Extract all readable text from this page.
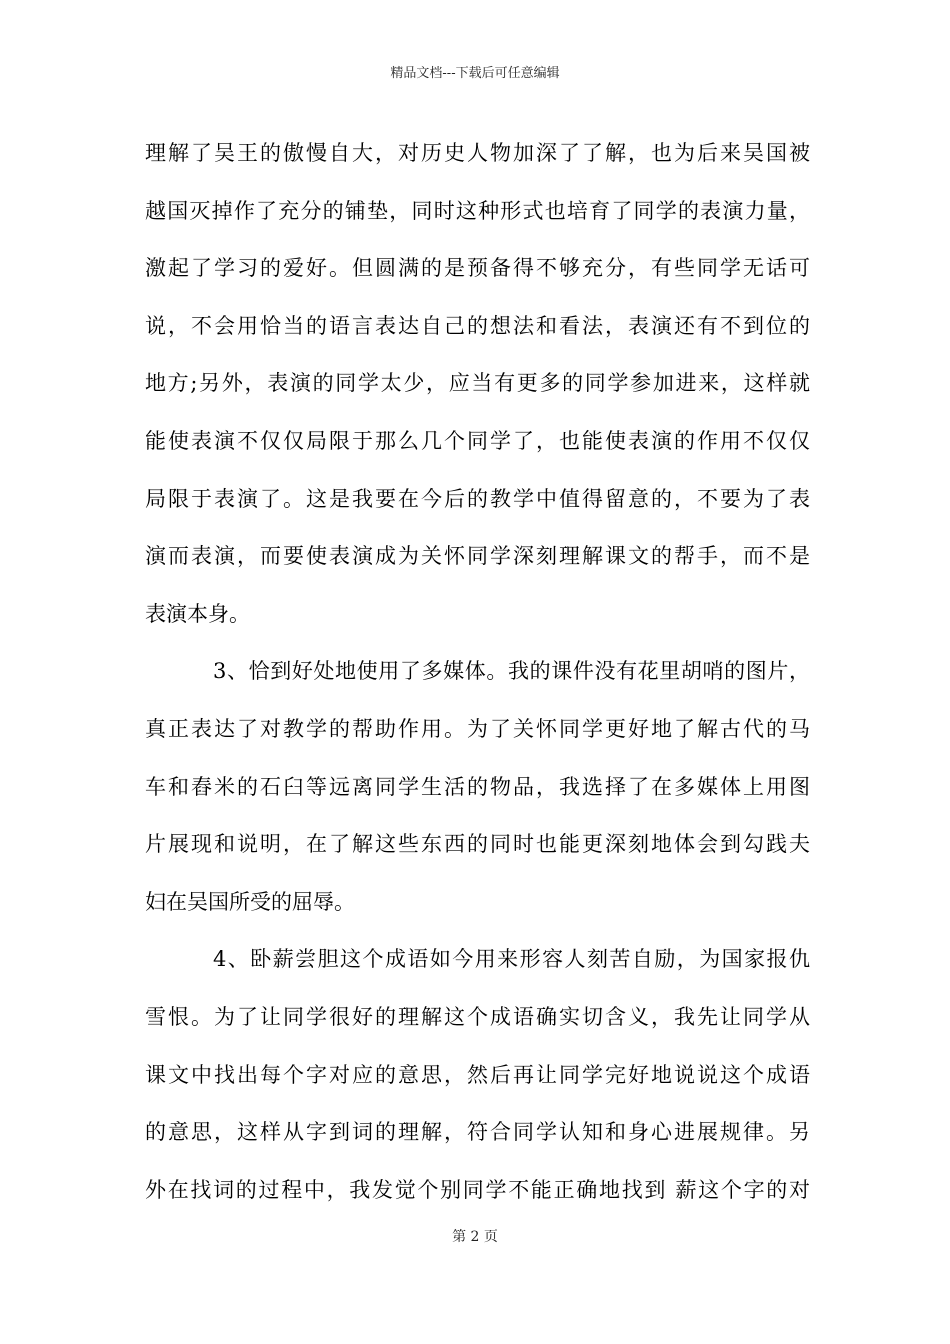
精品文档---下载后可任意编辑
理解了吴王的傲慢自大，对历史人物加深了了解，也为后来吴国被
越国灭掉作了充分的铺垫，同时这种形式也培育了同学的表演力量，
激起了学习的爱好。但圆满的是预备得不够充分，有些同学无话可
说，不会用恰当的语言表达自己的想法和看法，表演还有不到位的
地方;另外，表演的同学太少，应当有更多的同学参加进来，这样就
能使表演不仅仅局限于那么几个同学了，也能使表演的作用不仅仅
局限于表演了。这是我要在今后的教学中值得留意的，不要为了表
演而表演，而要使表演成为关怀同学深刻理解课文的帮手，而不是
表演本身。
3、恰到好处地使用了多媒体。我的课件没有花里胡哨的图片，
真正表达了对教学的帮助作用。为了关怀同学更好地了解古代的马
车和舂米的石臼等远离同学生活的物品，我选择了在多媒体上用图
片展现和说明，在了解这些东西的同时也能更深刻地体会到勾践夫
妇在吴国所受的屈辱。
4、卧薪尝胆这个成语如今用来形容人刻苦自励，为国家报仇
雪恨。为了让同学很好的理解这个成语确实切含义，我先让同学从
课文中找出每个字对应的意思，然后再让同学完好地说说这个成语
的意思，这样从字到词的理解，符合同学认知和身心进展规律。另
外在找词的过程中，我发觉个别同学不能正确地找到 薪这个字的对
第 2 页
